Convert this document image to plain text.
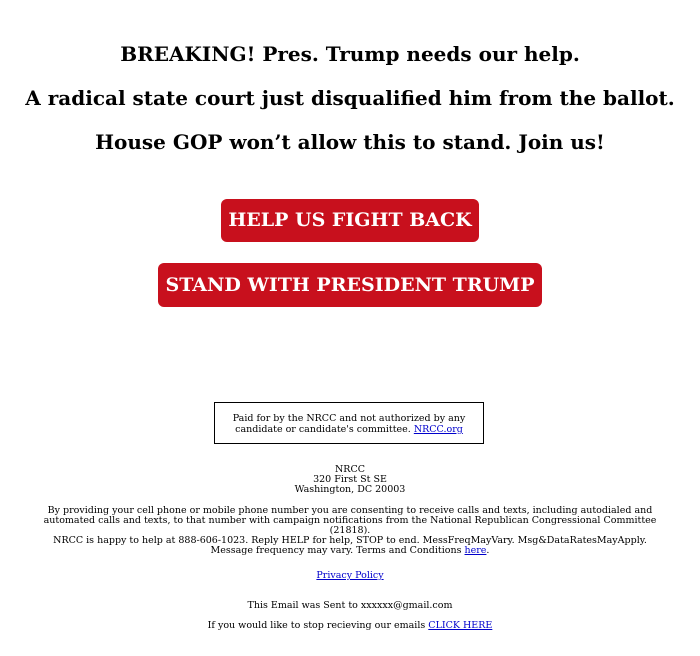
BREAKING! Pres. Trump needs our help.

A radical state court just disqualified him from the ballot.

House GOP won’t allow this to stand. Join us!

HELP US FIGHT BACK
STAND WITH PRESIDENT TRUMP
Paid for by the NRCC and not authorized by any
candidate or candidate's committee. NRCC.org
NRCC
320 First St SE
Washington, DC 20003

By providing your cell phone or mobile phone number you are consenting to receive calls and texts, including autodialed and automated calls and texts, to that number with campaign notifications from the National Republican Congressional Committee (21818).

NRCC is happy to help at 888-606-1023. Reply HELP for help, STOP to end. MessFreqMayVary. Msg&DataRatesMayApply. Message frequency may vary. Terms and Conditions here.

Privacy Policy

This Email was Sent to xxxxxx@gmail.com

If you would like to stop recieving our emails CLICK HERE
